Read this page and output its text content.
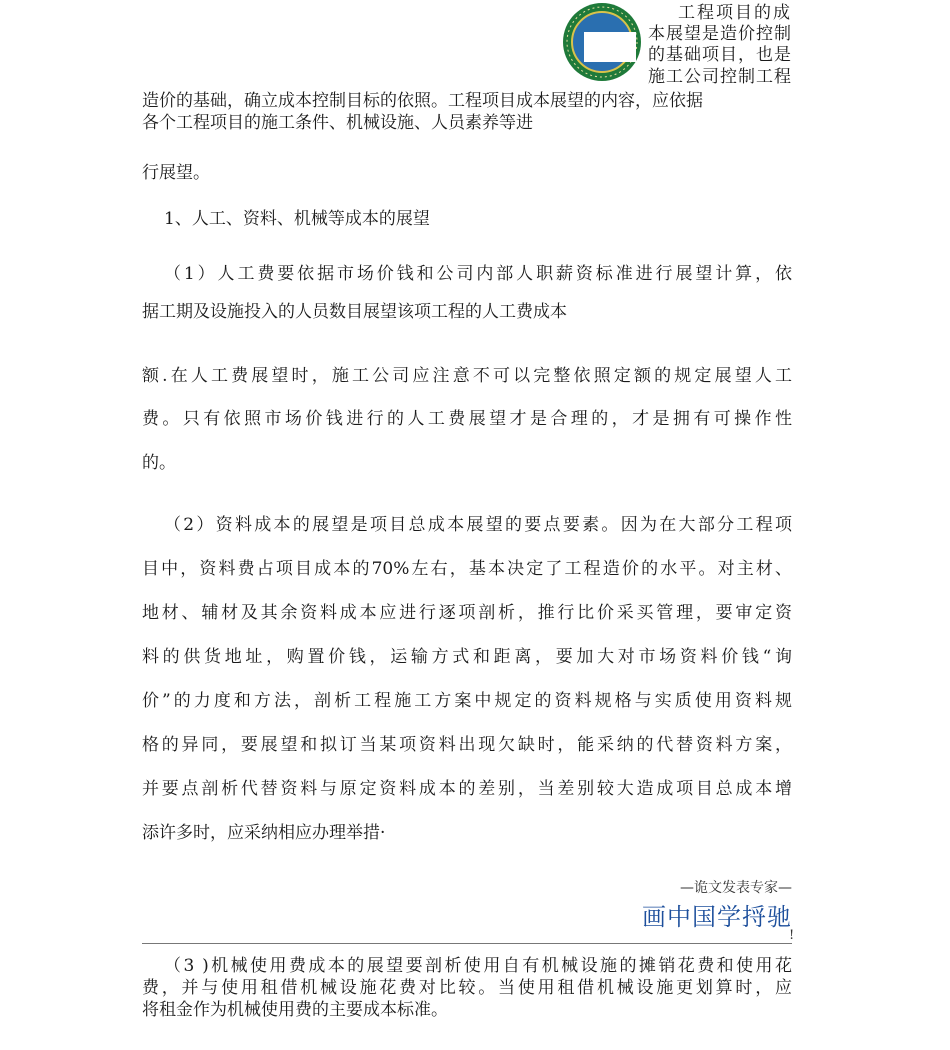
工程项目的成
本展望是造价控制
的基础项目，也是
施工公司控制工程
造价的基础，确立成本控制目标的依照。工程项目成本展望的内容，应依据
各个工程项目的施工条件、机械设施、人员素养等进
行展望。
1、人工、资料、机械等成本的展望
（1）人工费要依据市场价钱和公司内部人职薪资标准进行展望计算，依
据工期及设施投入的人员数目展望该项工程的人工费成本
额.在人工费展望时，施工公司应注意不可以完整依照定额的规定展望人工
费。只有依照市场价钱进行的人工费展望才是合理的，才是拥有可操作性
的。
（2）资料成本的展望是项目总成本展望的要点要素。因为在大部分工程项
目中，资料费占项目成本的70%左右，基本决定了工程造价的水平。对主材、
地材、辅材及其余资料成本应进行逐项剖析，推行比价采买管理，要审定资
料的供货地址，购置价钱，运输方式和距离，要加大对市场资料价钱“询
价”的力度和方法，剖析工程施工方案中规定的资料规格与实质使用资料规
格的异同，要展望和拟订当某项资料出现欠缺时，能采纳的代替资料方案，
并要点剖析代替资料与原定资料成本的差别，当差别较大造成项目总成本增
添许多时，应采纳相应办理举措·
—诡文发表专家—
画中国学捋驰
!
（3 )机械使用费成本的展望要剖析使用自有机械设施的摊销花费和使用花
费，并与使用租借机械设施花费对比较。当使用租借机械设施更划算时，应
将租金作为机械使用费的主要成本标准。
